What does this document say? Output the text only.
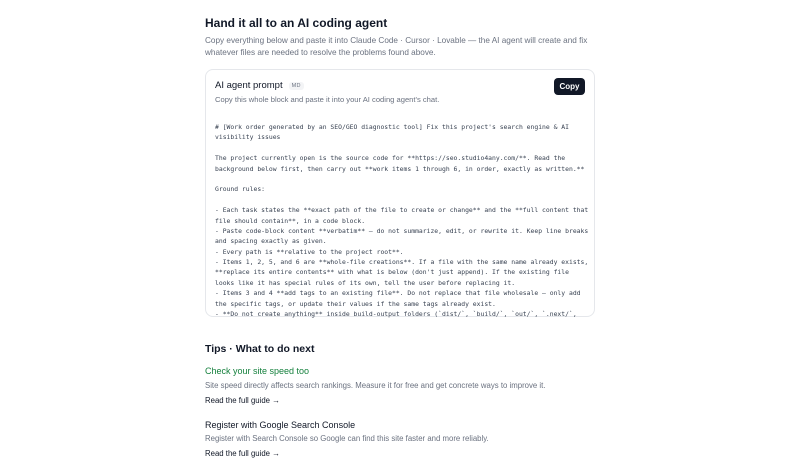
Hand it all to an AI coding agent

Copy everything below and paste it into Claude Code · Cursor · Lovable — the AI agent will create and fix whatever files are needed to resolve the problems found above.

AI agent prompt	MD
Copy this whole block and paste it into your AI coding agent's chat.
Copy
# [Work order generated by an SEO/GEO diagnostic tool] Fix this project's search engine & AI
visibility issues
The project currently open is the source code for **https://seo.studio4any.com/**. Read the
background below first, then carry out **work items 1 through 6, in order, exactly as written.**
Ground rules:
- Each task states the **exact path of the file to create or change** and the **full content that
file should contain**, in a code block.
- Paste code-block content **verbatim** — do not summarize, edit, or rewrite it. Keep line breaks
and spacing exactly as given.
- Every path is **relative to the project root**.
- Items 1, 2, 5, and 6 are **whole-file creations**. If a file with the same name already exists,
**replace its entire contents** with what is below (don't just append). If the existing file
looks like it has special rules of its own, tell the user before replacing it.
- Items 3 and 4 **add tags to an existing file**. Do not replace that file wholesale — only add
the specific tags, or update their values if the same tags already exist.
- **Do not create anything** inside build-output folders (`dist/`, `build/`, `out/`, `.next/`,
Tips · What to do next
Check your site speed too
Site speed directly affects search rankings. Measure it for free and get concrete ways to improve it.
Read the full guide →
Register with Google Search Console
Register with Search Console so Google can find this site faster and more reliably.
Read the full guide →
